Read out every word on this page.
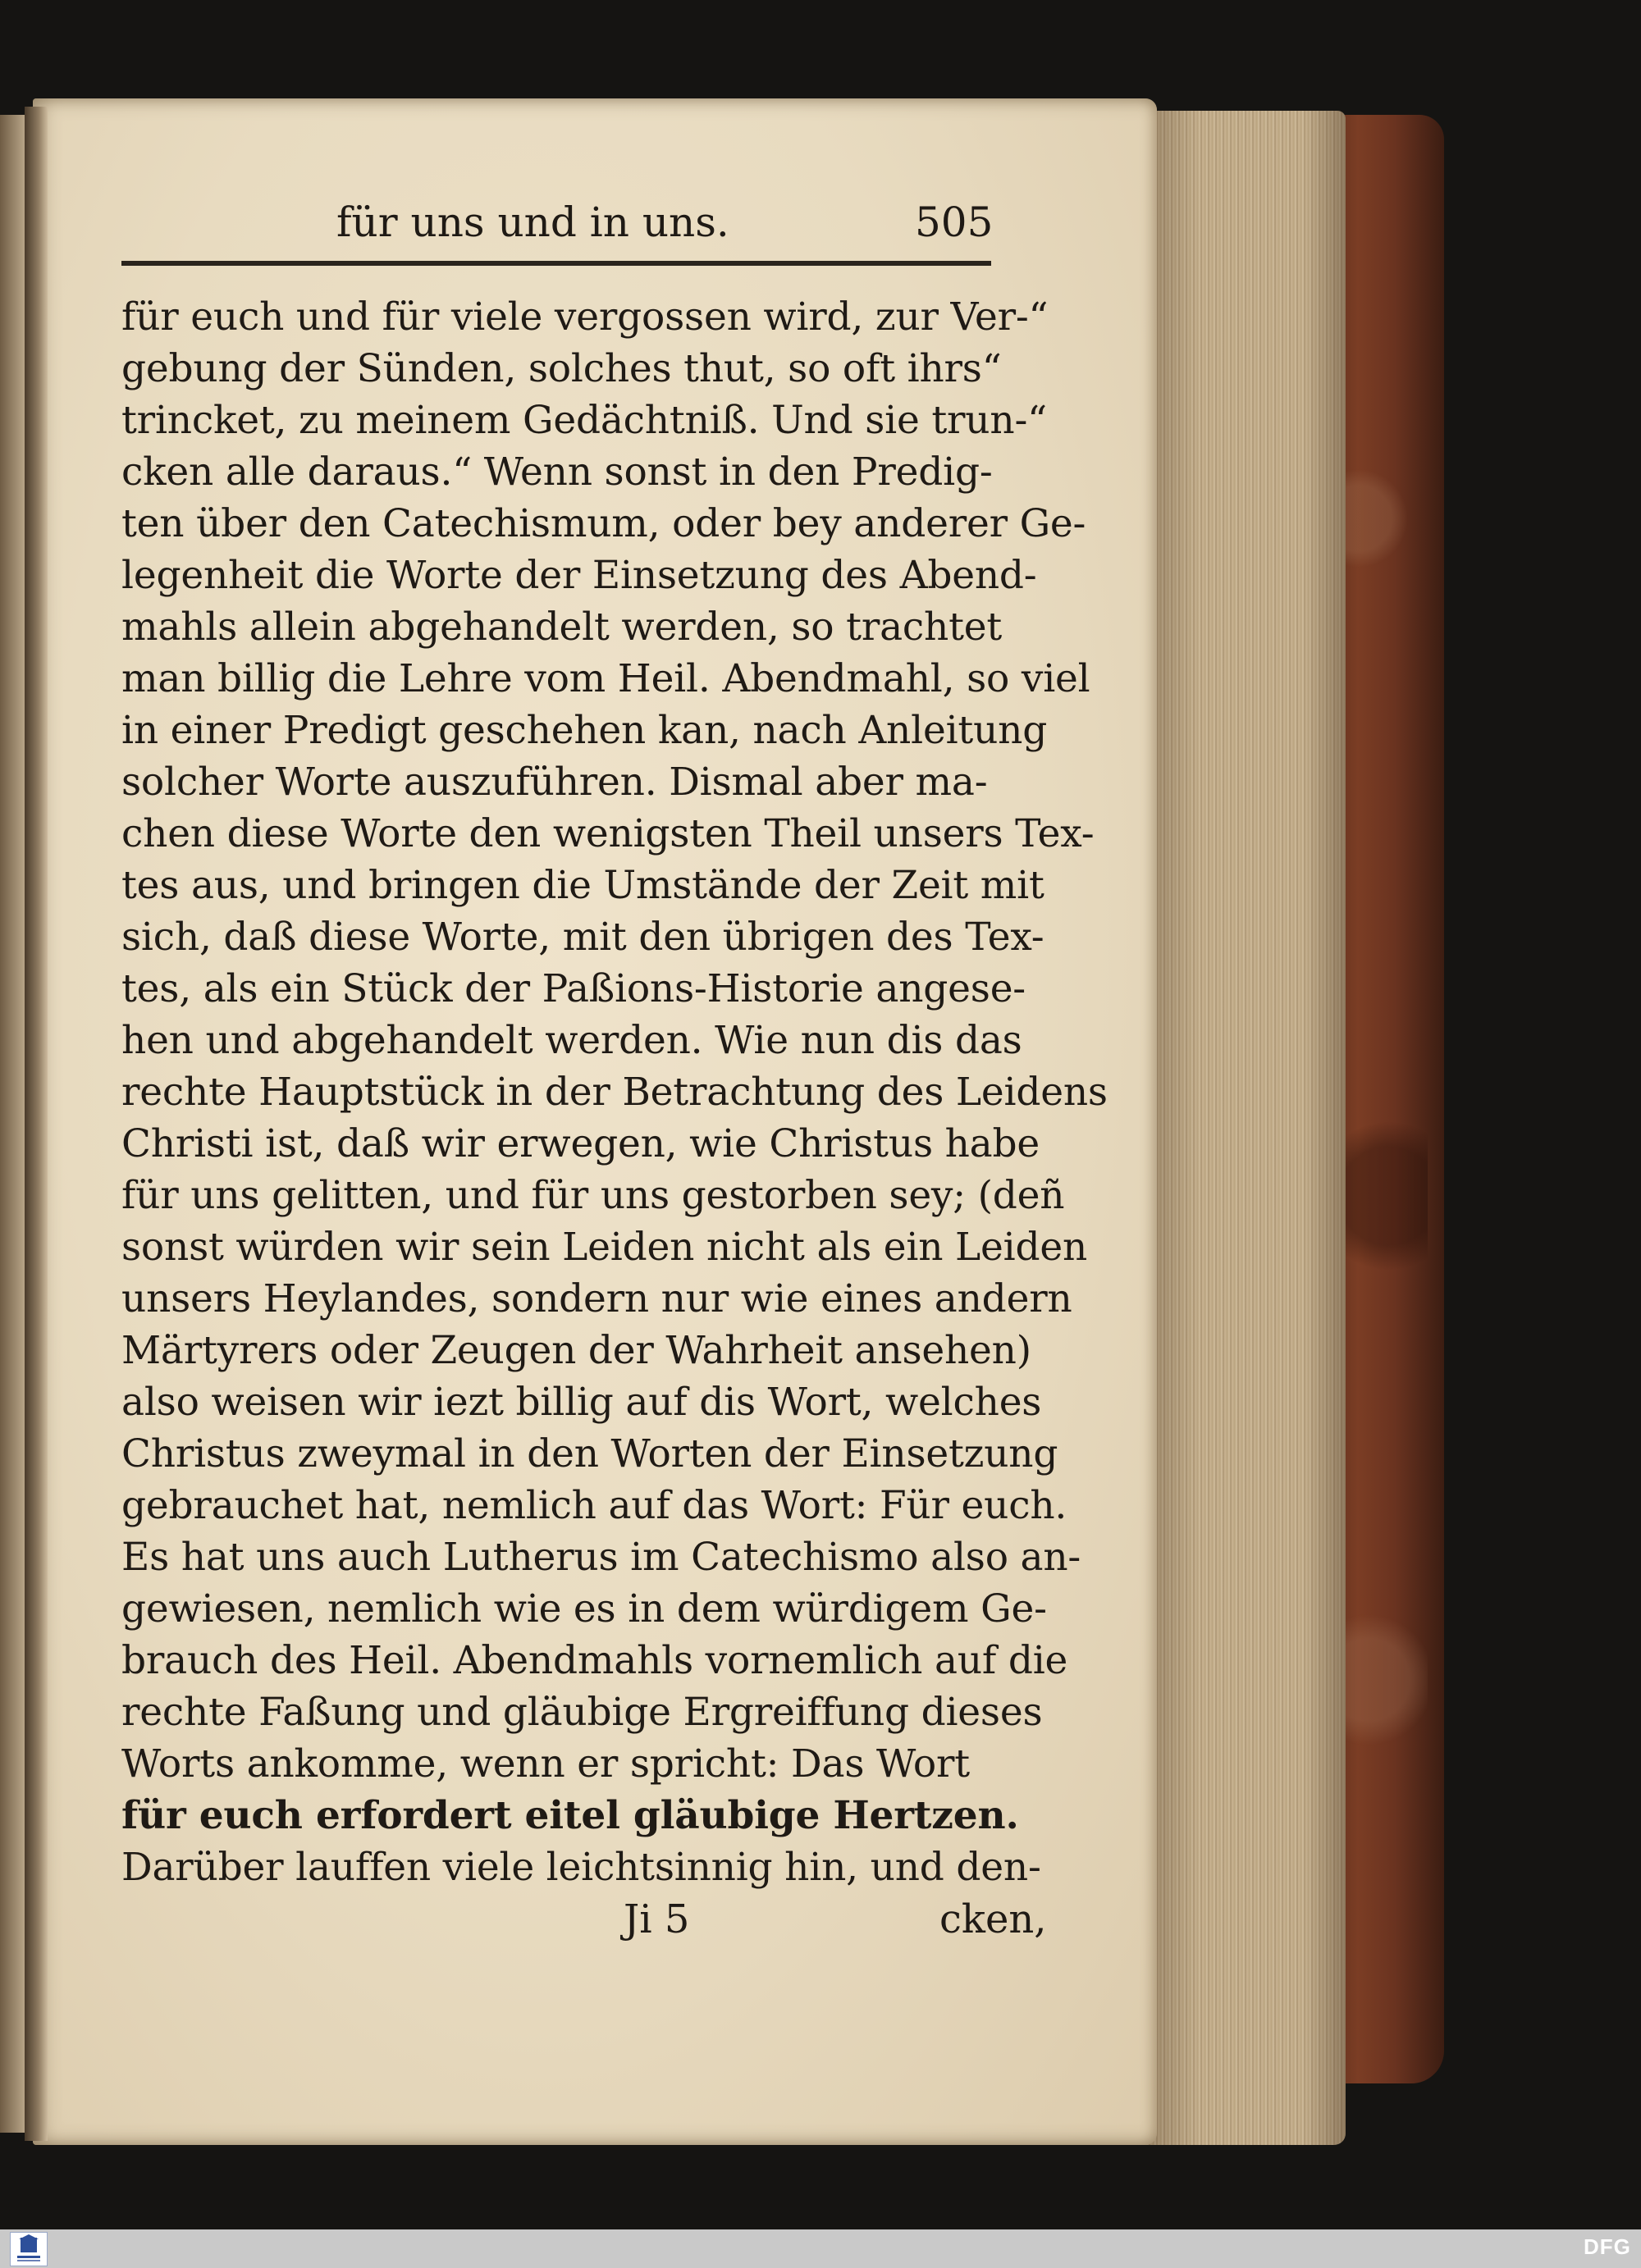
für uns und in uns.	505
für euch und für viele vergossen wird, zur Ver-“
gebung der Sünden, solches thut, so oft ihrs“
trincket, zu meinem Gedächtniß. Und sie trun-“
cken alle daraus.“ Wenn sonst in den Predig-
ten über den Catechismum, oder bey anderer Ge-
legenheit die Worte der Einsetzung des Abend-
mahls allein abgehandelt werden, so trachtet
man billig die Lehre vom Heil. Abendmahl, so viel
in einer Predigt geschehen kan, nach Anleitung
solcher Worte auszuführen. Dismal aber ma-
chen diese Worte den wenigsten Theil unsers Tex-
tes aus, und bringen die Umstände der Zeit mit
sich, daß diese Worte, mit den übrigen des Tex-
tes, als ein Stück der Paßions-Historie angese-
hen und abgehandelt werden. Wie nun dis das
rechte Hauptstück in der Betrachtung des Leidens
Christi ist, daß wir erwegen, wie Christus habe
für uns gelitten, und für uns gestorben sey; (deñ
sonst würden wir sein Leiden nicht als ein Leiden
unsers Heylandes, sondern nur wie eines andern
Märtyrers oder Zeugen der Wahrheit ansehen)
also weisen wir iezt billig auf dis Wort, welches
Christus zweymal in den Worten der Einsetzung
gebrauchet hat, nemlich auf das Wort: Für euch.
Es hat uns auch Lutherus im Catechismo also an-
gewiesen, nemlich wie es in dem würdigem Ge-
brauch des Heil. Abendmahls vornemlich auf die
rechte Faßung und gläubige Ergreiffung dieses
Worts ankomme, wenn er spricht: Das Wort
für euch erfordert eitel gläubige Hertzen.
Darüber lauffen viele leichtsinnig hin, und den-
Ji 5	cken,
DFG
